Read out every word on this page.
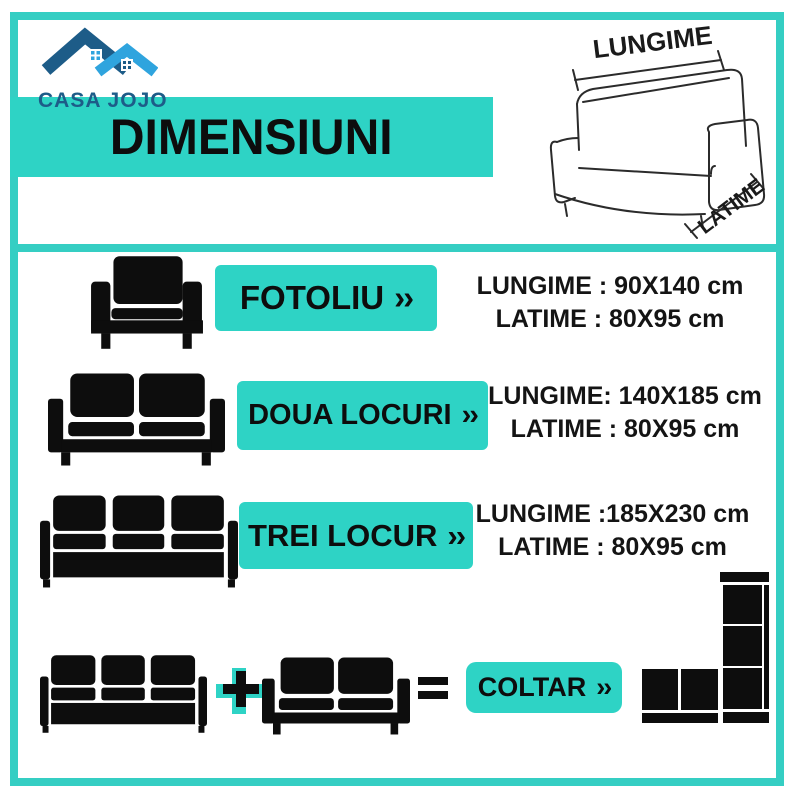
CASA JOJO
DIMENSIUNI
LUNGIME
LATIME
FOTOLIU ››	LUNGIME : 90X140 cm
LATIME : 80X95 cm
DOUA LOCURI ››
LUNGIME: 140X185 cm
LATIME : 80X95 cm
TREI LOCUR ››
LUNGIME :185X230 cm
LATIME : 80X95 cm
COLTAR ››
